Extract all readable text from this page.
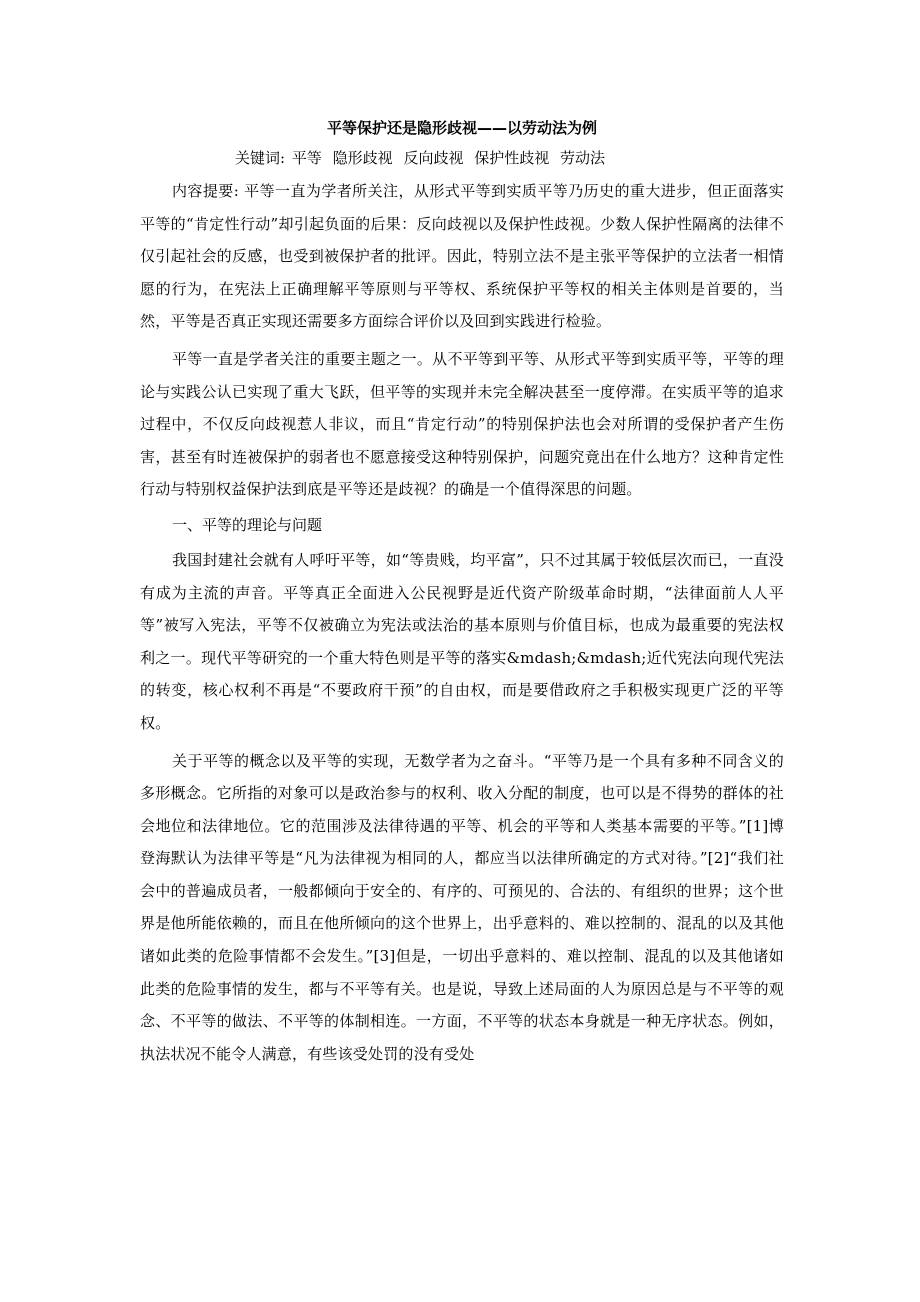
平等保护还是隐形歧视——以劳动法为例
关键词: 平等 隐形歧视 反向歧视 保护性歧视 劳动法

内容提要: 平等一直为学者所关注，从形式平等到实质平等乃历史的重大进步，但正面落实平等的“肯定性行动”却引起负面的后果：反向歧视以及保护性歧视。少数人保护性隔离的法律不仅引起社会的反感，也受到被保护者的批评。因此，特别立法不是主张平等保护的立法者一相情愿的行为，在宪法上正确理解平等原则与平等权、系统保护平等权的相关主体则是首要的，当然，平等是否真正实现还需要多方面综合评价以及回到实践进行检验。

平等一直是学者关注的重要主题之一。从不平等到平等、从形式平等到实质平等，平等的理论与实践公认已实现了重大飞跃，但平等的实现并未完全解决甚至一度停滞。在实质平等的追求过程中，不仅反向歧视惹人非议，而且“肯定行动”的特别保护法也会对所谓的受保护者产生伤害，甚至有时连被保护的弱者也不愿意接受这种特别保护，问题究竟出在什么地方？这种肯定性行动与特别权益保护法到底是平等还是歧视？的确是一个值得深思的问题。

一、平等的理论与问题

我国封建社会就有人呼吁平等，如“等贵贱，均平富”，只不过其属于较低层次而已，一直没有成为主流的声音。平等真正全面进入公民视野是近代资产阶级革命时期，“法律面前人人平等”被写入宪法，平等不仅被确立为宪法或法治的基本原则与价值目标，也成为最重要的宪法权利之一。现代平等研究的一个重大特色则是平等的落实&mdash;&mdash;近代宪法向现代宪法的转变，核心权利不再是“不要政府干预”的自由权，而是要借政府之手积极实现更广泛的平等权。

关于平等的概念以及平等的实现，无数学者为之奋斗。“平等乃是一个具有多种不同含义的多形概念。它所指的对象可以是政治参与的权利、收入分配的制度，也可以是不得势的群体的社会地位和法律地位。它的范围涉及法律待遇的平等、机会的平等和人类基本需要的平等。”[1]博登海默认为法律平等是“凡为法律视为相同的人，都应当以法律所确定的方式对待。”[2]“我们社会中的普遍成员者，一般都倾向于安全的、有序的、可预见的、合法的、有组织的世界；这个世界是他所能依赖的，而且在他所倾向的这个世界上，出乎意料的、难以控制的、混乱的以及其他诸如此类的危险事情都不会发生。”[3]但是，一切出乎意料的、难以控制、混乱的以及其他诸如此类的危险事情的发生，都与不平等有关。也是说，导致上述局面的人为原因总是与不平等的观念、不平等的做法、不平等的体制相连。一方面，不平等的状态本身就是一种无序状态。例如，执法状况不能令人满意，有些该受处罚的没有受处
